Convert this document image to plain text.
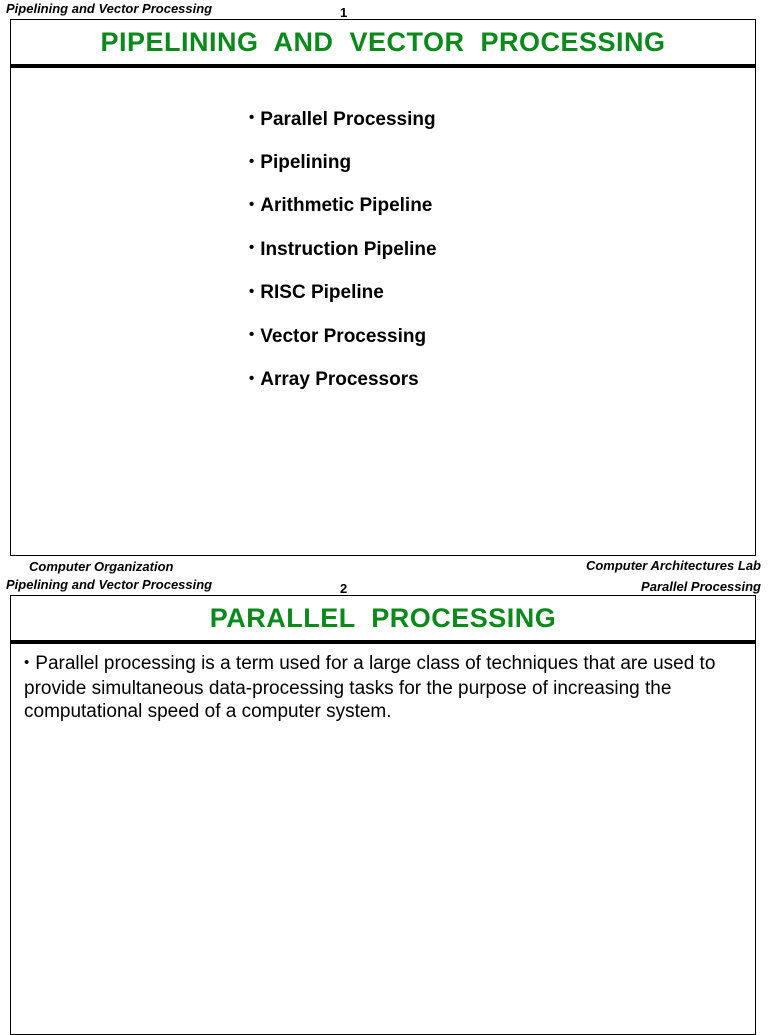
Pipelining and Vector Processing	1
PIPELINING AND VECTOR PROCESSING
• Parallel Processing
• Pipelining
• Arithmetic Pipeline
• Instruction Pipeline
• RISC Pipeline
• Vector Processing
• Array Processors
Computer Organization	Computer Architectures Lab
Pipelining and Vector Processing	2	Parallel Processing
PARALLEL PROCESSING
• Parallel processing is a term used for a large class of techniques that are used to provide simultaneous data-processing tasks for the purpose of increasing the computational speed of a computer system.
